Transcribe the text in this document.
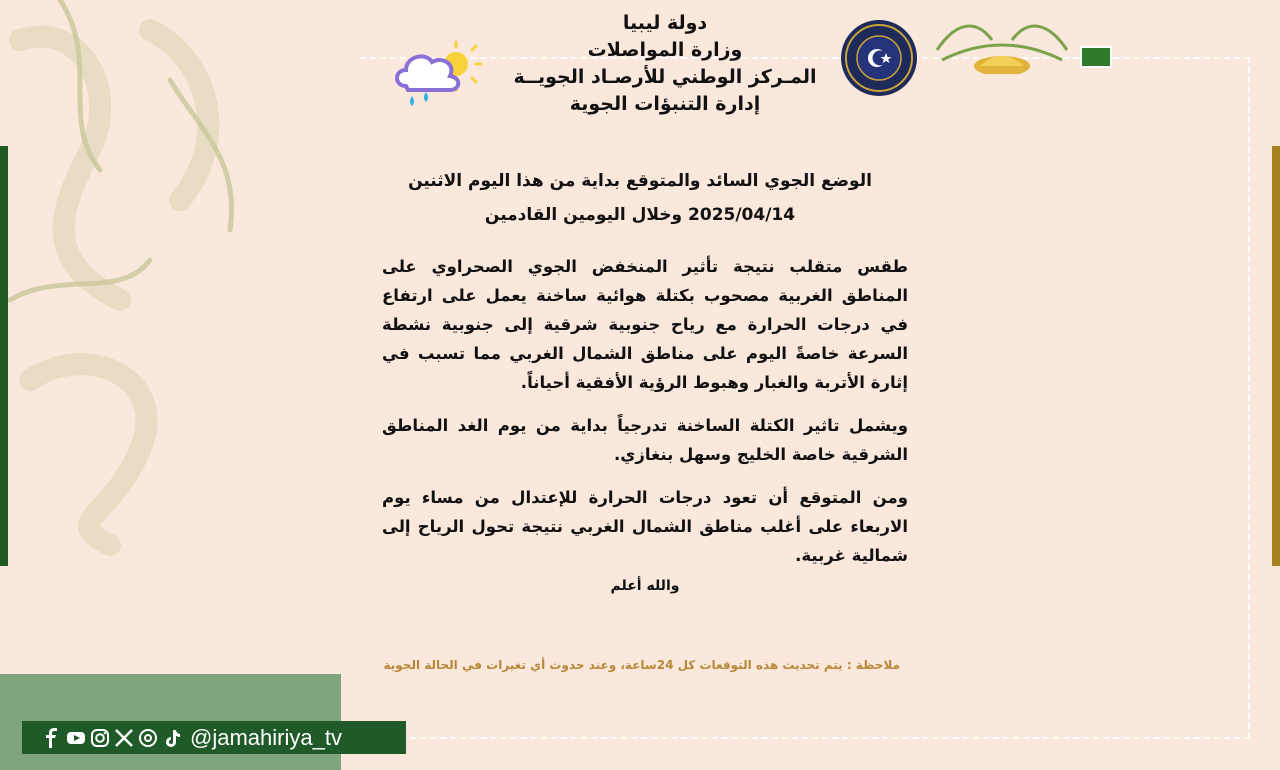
دولة ليبيا
وزارة المواصلات
المـركز الوطني للأرصـاد الجويــة
إدارة التنبؤات الجوية
الوضع الجوي السائد والمتوقع بداية من هذا اليوم الاثنين
2025/04/14 وخلال اليومين القادمين

طقس متقلب نتيجة تأثير المنخفض الجوي الصحراوي على المناطق الغربية مصحوب بكتلة هوائية ساخنة يعمل على ارتفاع في درجات الحرارة مع رياح جنوبية شرقية إلى جنوبية نشطة السرعة خاصةً اليوم على مناطق الشمال الغربي مما تسبب في إثارة الأتربة والغبار وهبوط الرؤية الأفقية أحياناً.

ويشمل تاثير الكتلة الساخنة تدرجياً بداية من يوم الغد المناطق الشرقية خاصة الخليج وسهل بنغازي.

ومن المتوقع أن تعود درجات الحرارة للإعتدال من مساء يوم الاربعاء على أغلب مناطق الشمال الغربي نتيجة تحول الرياح إلى شمالية غربية.

والله أعلم
ملاحظة : يتم تحديث هذه التوقعات كل 24ساعة، وعند حدوث أي تغيرات في الحالة الجوية
@jamahiriya_tv
